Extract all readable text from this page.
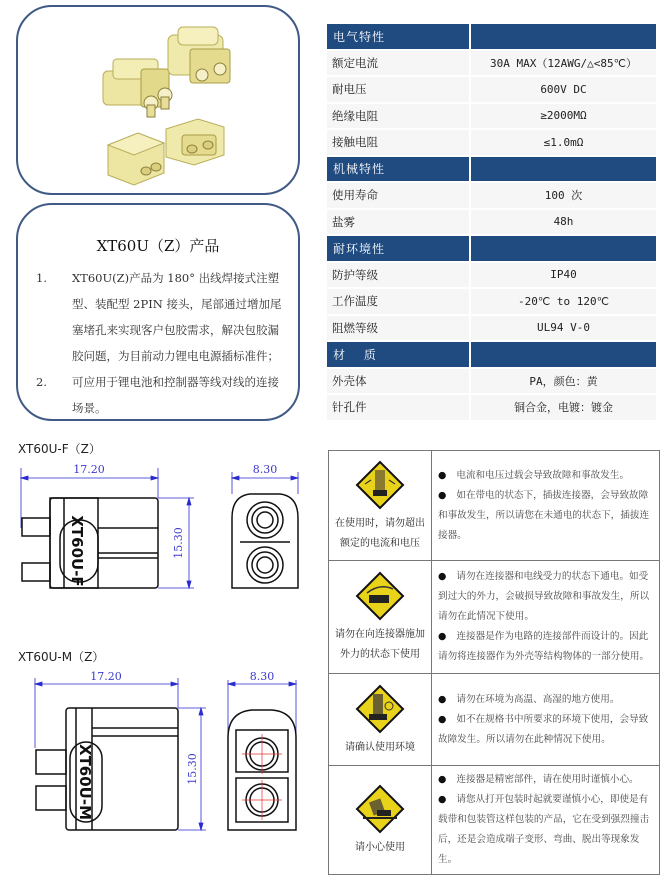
XT60U（Z）产品
1. XT60U(Z)产品为 180° 出线焊接式注塑型、装配型 2PIN 接头，尾部通过增加尾塞堵孔来实现客户包胶需求，解决包胶漏胶问题，为目前动力锂电电源插标准件；
2. 可应用于锂电池和控制器等线对线的连接场景。
电气特性	
额定电流	30A MAX（12AWG/△<85℃）
耐电压	600V DC
绝缘电阻	≥2000MΩ
接触电阻	≤1.0mΩ
机械特性	
使用寿命	100 次
盐雾	48h
耐环境性	
防护等级	IP40
工作温度	-20℃ to 120℃
阻燃等级	UL94 V-0
材　 质	
外壳体	PA，颜色：黄
针孔件	铜合金，电镀：镀金
XT60U-F（Z）
17.20	8.30
15.30
XT60U-F
XT60U-M（Z）
17.20	8.30
15.30
XT60U-M
在使用时，请勿超出额定的电流和电压	● 电流和电压过载会导致故障和事故发生。
● 如在带电的状态下，插拔连接器，会导致故障和事故发生，所以请您在未通电的状态下，插拔连接器。

请勿在向连接器施加外力的状态下使用	● 请勿在连接器和电线受力的状态下通电。如受到过大的外力，会破损导致故障和事故发生，所以请勿在此情况下使用。
● 连接器是作为电路的连接部件而设计的。因此请勿将连接器作为外壳等结构物体的一部分使用。

请确认使用环境	● 请勿在环境为高温、高湿的地方使用。
● 如不在规格书中所要求的环境下使用，会导致故障发生。所以请勿在此种情况下使用。

请小心使用	● 连接器是精密部件，请在使用时谨慎小心。
● 请您从打开包装时起就要谨慎小心，即使是有载带和包装管这样包装的产品，它在受到强烈撞击后，还是会造成端子变形、弯曲、脱出等现象发生。
